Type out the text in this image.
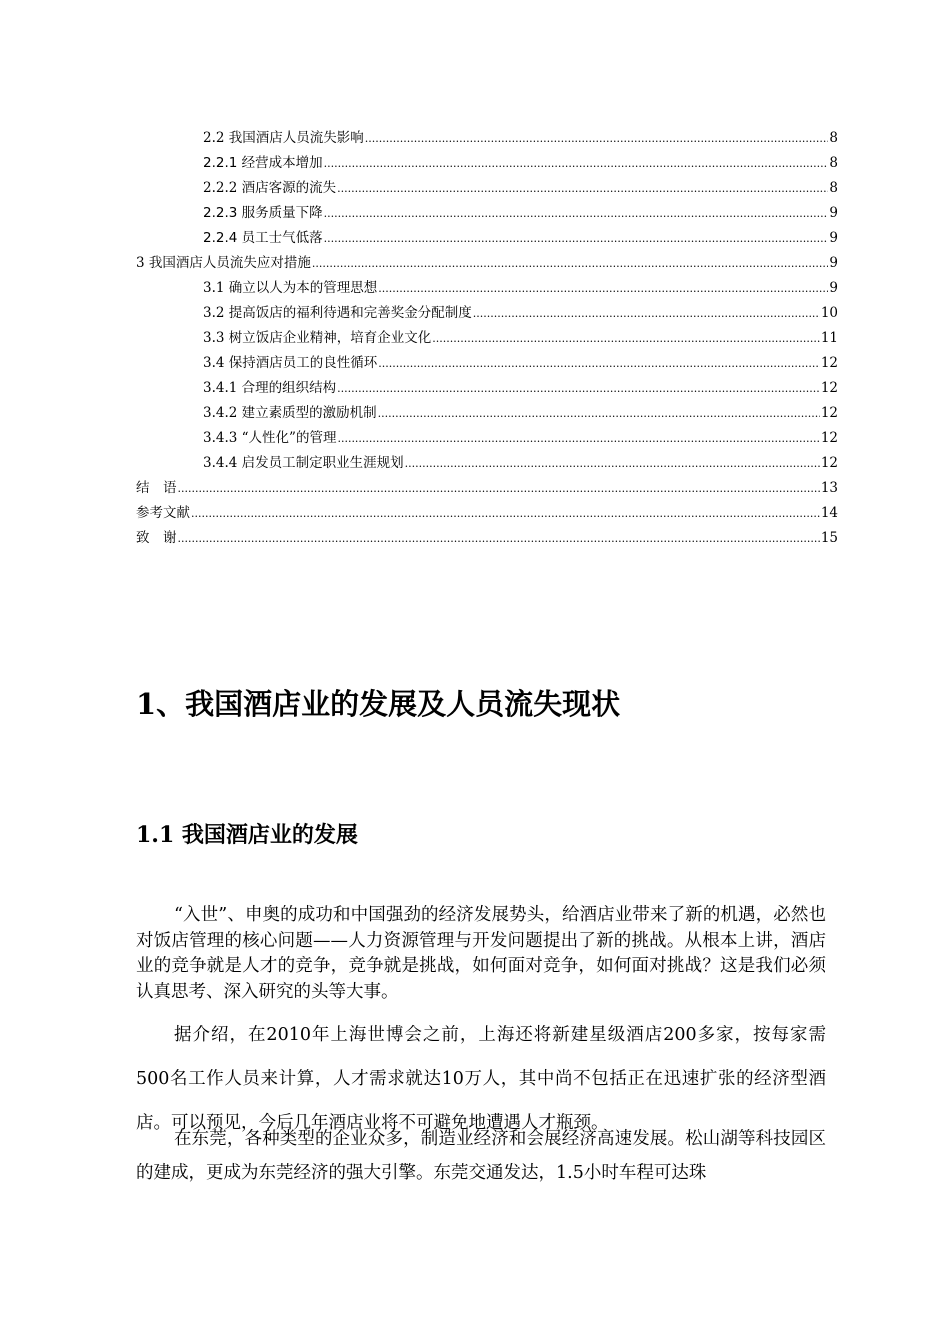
2.2 我国酒店人员流失影响 .....	8
2.2.1 经营成本增加 .....	8
2.2.2 酒店客源的流失 .....	8
2.2.3 服务质量下降 .....	9
2.2.4 员工士气低落 .....	9
3 我国酒店人员流失应对措施 .....	9
3.1 确立以人为本的管理思想 .....	9
3.2 提高饭店的福利待遇和完善奖金分配制度 .....	10
3.3 树立饭店企业精神，培育企业文化 .....	11
3.4 保持酒店员工的良性循环 .....	12
3.4.1 合理的组织结构 .....	12
3.4.2 建立素质型的激励机制 .....	12
3.4.3 “人性化”的管理 .....	12
3.4.4 启发员工制定职业生涯规划 .....	12
结　语 .....	13
参考文献 .....	14
致　谢 .....	15
1、我国酒店业的发展及人员流失现状
1.1 我国酒店业的发展

“入世”、申奥的成功和中国强劲的经济发展势头，给酒店业带来了新的机遇，必然也对饭店管理的核心问题——人力资源管理与开发问题提出了新的挑战。从根本上讲，酒店业的竞争就是人才的竞争，竞争就是挑战，如何面对竞争，如何面对挑战？这是我们必须认真思考、深入研究的头等大事。

据介绍，在2010年上海世博会之前，上海还将新建星级酒店200多家，按每家需500名工作人员来计算，人才需求就达10万人，其中尚不包括正在迅速扩张的经济型酒店。可以预见，今后几年酒店业将不可避免地遭遇人才瓶颈。

在东莞，各种类型的企业众多，制造业经济和会展经济高速发展。松山湖等科技园区的建成，更成为东莞经济的强大引擎。东莞交通发达，1.5小时车程可达珠
